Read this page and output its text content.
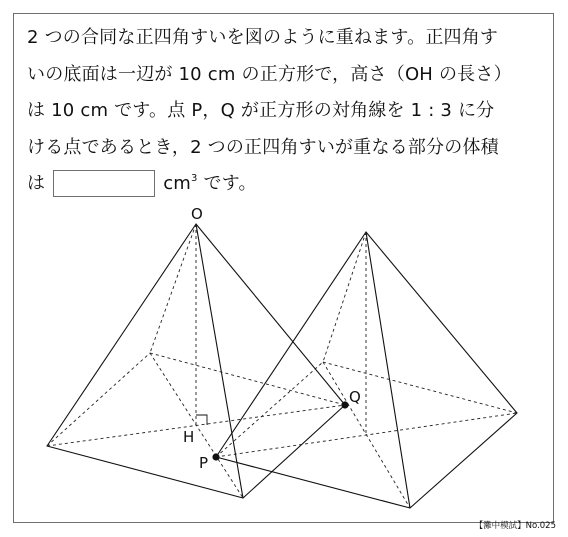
2 つの合同な正四角すいを図のように重ねます。正四角す
いの底面は一辺が 10 cm の正方形で，高さ（OH の長さ）
は 10 cm です。点 P，Q が正方形の対角線を 1 : 3 に分
ける点であるとき，2 つの正四角すいが重なる部分の体積
は	$cm^3$ です。
O
H
P
Q
【灘中模試】No.025
